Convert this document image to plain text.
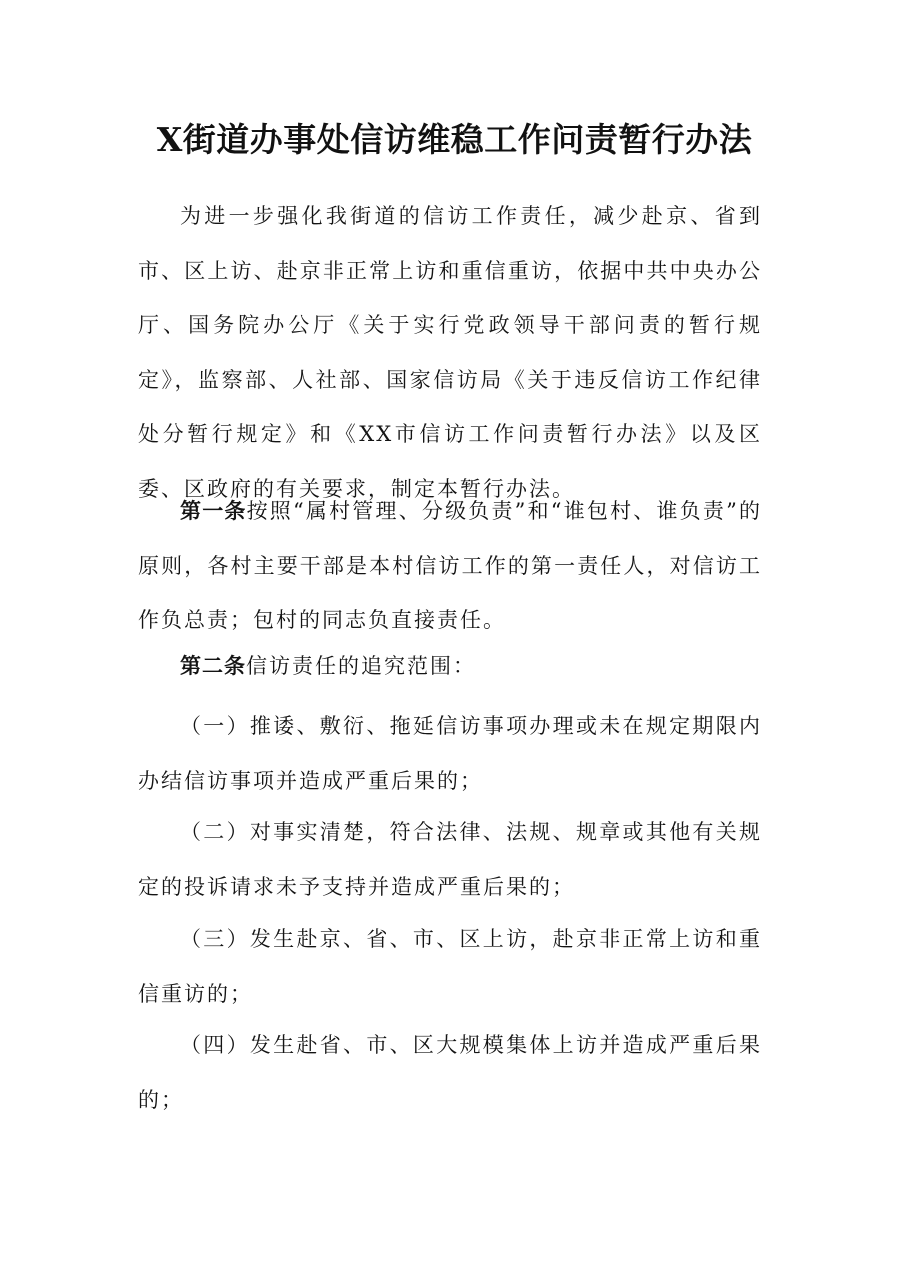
X街道办事处信访维稳工作问责暂行办法

为进一步强化我街道的信访工作责任，减少赴京、省到市、区上访、赴京非正常上访和重信重访，依据中共中央办公厅、国务院办公厅《关于实行党政领导干部问责的暂行规定》，监察部、人社部、国家信访局《关于违反信访工作纪律处分暂行规定》和《XX市信访工作问责暂行办法》以及区委、区政府的有关要求，制定本暂行办法。

第一条按照“属村管理、分级负责”和“谁包村、谁负责”的原则，各村主要干部是本村信访工作的第一责任人，对信访工作负总责；包村的同志负直接责任。

第二条信访责任的追究范围：

（一）推诿、敷衍、拖延信访事项办理或未在规定期限内办结信访事项并造成严重后果的；

（二）对事实清楚，符合法律、法规、规章或其他有关规定的投诉请求未予支持并造成严重后果的；

（三）发生赴京、省、市、区上访，赴京非正常上访和重信重访的；

（四）发生赴省、市、区大规模集体上访并造成严重后果的；
